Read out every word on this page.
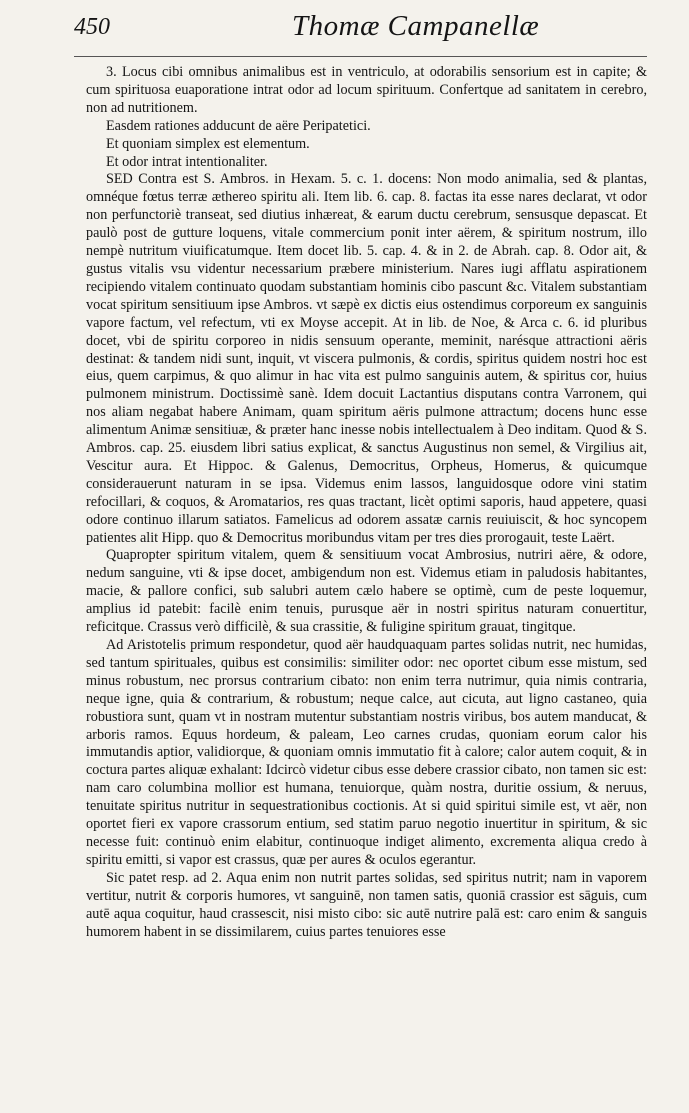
450	Thomæ Campanellæ

3. Locus cibi omnibus animalibus est in ventriculo, at odorabilis sensorium est in capite; & cum spirituosa euaporatione intrat odor ad locum spirituum. Confertque ad sanitatem in cerebro, non ad nutritionem.

Easdem rationes adducunt de aëre Peripatetici.

Et quoniam simplex est elementum.

Et odor intrat intentionaliter.

SED Contra est S. Ambros. in Hexam. 5. c. 1. docens: Non modo animalia, sed & plantas, omnéque fœtus terræ æthereo spiritu ali. Item lib. 6. cap. 8. factas ita esse nares declarat, vt odor non perfunctoriè transeat, sed diutius inhæreat, & earum ductu cerebrum, sensusque depascat. Et paulò post de gutture loquens, vitale commercium ponit inter aërem, & spiritum nostrum, illo nempè nutritum viuificatumque. Item docet lib. 5. cap. 4. & in 2. de Abrah. cap. 8. Odor ait, & gustus vitalis vsu videntur necessarium præbere ministerium. Nares iugi afflatu aspirationem recipiendo vitalem continuato quodam substantiam hominis cibo pascunt &c. Vitalem substantiam vocat spiritum sensitiuum ipse Ambros. vt sæpè ex dictis eius ostendimus corporeum ex sanguinis vapore factum, vel refectum, vti ex Moyse accepit. At in lib. de Noe, & Arca c. 6. id pluribus docet, vbi de spiritu corporeo in nidis sensuum operante, meminit, narésque attractioni aëris destinat: & tandem nidi sunt, inquit, vt viscera pulmonis, & cordis, spiritus quidem nostri hoc est eius, quem carpimus, & quo alimur in hac vita est pulmo sanguinis autem, & spiritus cor, huius pulmonem ministrum. Doctissimè sanè. Idem docuit Lactantius disputans contra Varronem, qui nos aliam negabat habere Animam, quam spiritum aëris pulmone attractum; docens hunc esse alimentum Animæ sensitiuæ, & præter hanc inesse nobis intellectualem à Deo inditam. Quod & S. Ambros. cap. 25. eiusdem libri satius explicat, & sanctus Augustinus non semel, & Virgilius ait, Vescitur aura. Et Hippoc. & Galenus, Democritus, Orpheus, Homerus, & quicumque considerauerunt naturam in se ipsa. Videmus enim lassos, languidosque odore vini statim refocillari, & coquos, & Aromatarios, res quas tractant, licèt optimi saporis, haud appetere, quasi odore continuo illarum satiatos. Famelicus ad odorem assatæ carnis reuiuiscit, & hoc syncopem patientes alit Hipp. quo & Democritus moribundus vitam per tres dies prorogauit, teste Laërt.

Quapropter spiritum vitalem, quem & sensitiuum vocat Ambrosius, nutriri aëre, & odore, nedum sanguine, vti & ipse docet, ambigendum non est. Videmus etiam in paludosis habitantes, macie, & pallore confici, sub salubri autem cælo habere se optimè, cum de peste loquemur, amplius id patebit: facilè enim tenuis, purusque aër in nostri spiritus naturam conuertitur, reficitque. Crassus verò difficilè, & sua crassitie, & fuligine spiritum grauat, tingitque.

Ad Aristotelis primum respondetur, quod aër haudquaquam partes solidas nutrit, nec humidas, sed tantum spirituales, quibus est consimilis: similiter odor: nec oportet cibum esse mistum, sed minus robustum, nec prorsus contrarium cibato: non enim terra nutrimur, quia nimis contraria, neque igne, quia & contrarium, & robustum; neque calce, aut cicuta, aut ligno castaneo, quia robustiora sunt, quam vt in nostram mutentur substantiam nostris viribus, bos autem manducat, & arboris ramos. Equus hordeum, & paleam, Leo carnes crudas, quoniam eorum calor his immutandis aptior, validiorque, & quoniam omnis immutatio fit à calore; calor autem coquit, & in coctura partes aliquæ exhalant: Idcircò videtur cibus esse debere crassior cibato, non tamen sic est: nam caro columbina mollior est humana, tenuiorque, quàm nostra, duritie ossium, & neruus, tenuitate spiritus nutritur in sequestrationibus coctionis. At si quid spiritui simile est, vt aër, non oportet fieri ex vapore crassorum entium, sed statim paruo negotio inuertitur in spiritum, & sic necesse fuit: continuò enim elabitur, continuoque indiget alimento, excrementa aliqua credo à spiritu emitti, si vapor est crassus, quæ per aures & oculos egerantur.

Sic patet resp. ad 2. Aqua enim non nutrit partes solidas, sed spiritus nutrit; nam in vaporem vertitur, nutrit & corporis humores, vt sanguinē, non tamen satis, quoniā crassior est sāguis, cum autē aqua coquitur, haud crassescit, nisi misto cibo: sic autē nutrire palā est: caro enim & sanguis humorem habent in se dissimilarem, cuius partes tenuiores esse
